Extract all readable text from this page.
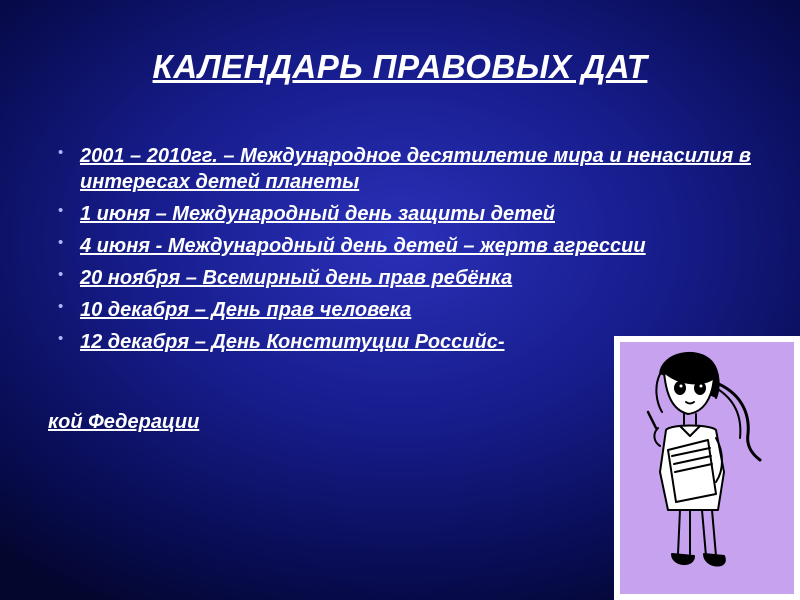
КАЛЕНДАРЬ ПРАВОВЫХ ДАТ
• 2001 – 2010гг. – Международное десятилетие мира и ненасилия в интересах детей планеты
• 1 июня – Международный день защиты детей
• 4 июня - Международный день детей – жертв агрессии
• 20 ноября – Всемирный день прав ребёнка
• 10 декабря – День прав человека
• 12 декабря – День Конституции Российс-
кой Федерации
